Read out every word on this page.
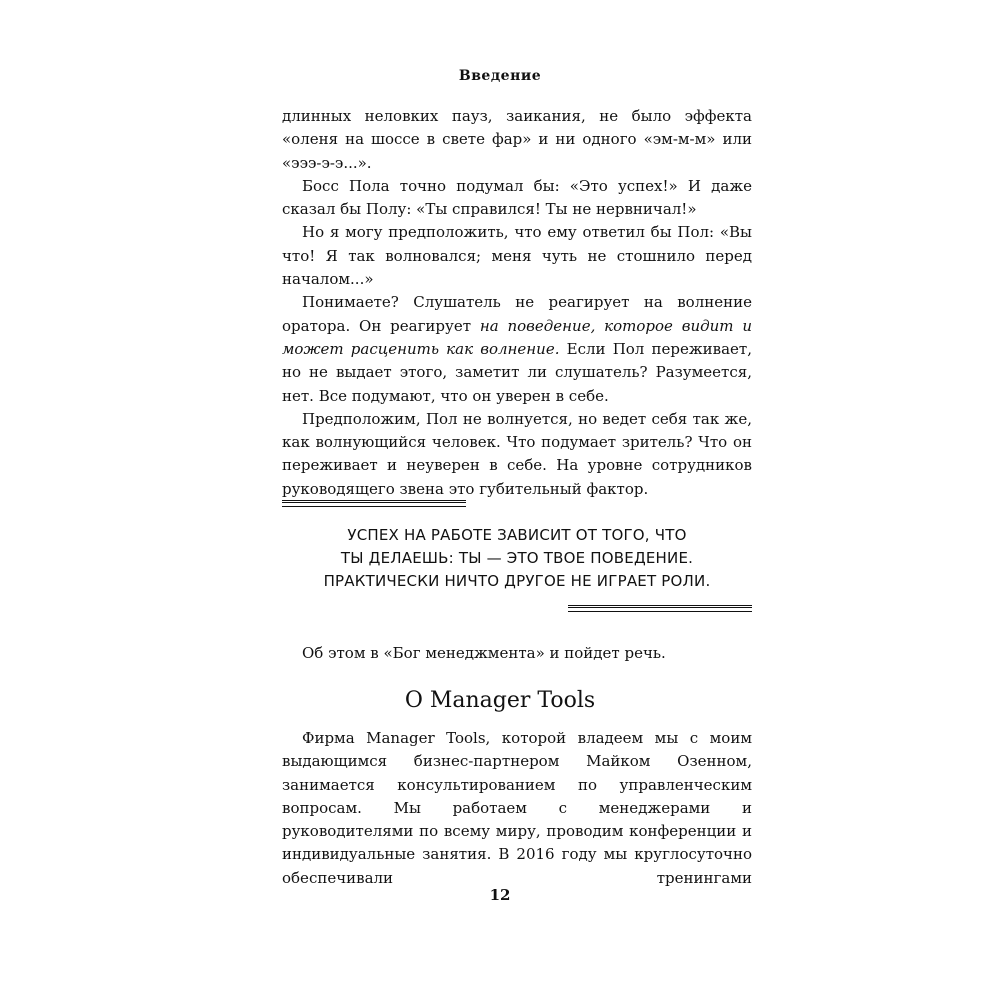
Введение

длинных неловких пауз, заикания, не было эффекта «оленя на шоссе в свете фар» и ни одного «эм-м-м» или «эээ-э-э...».

Босс Пола точно подумал бы: «Это успех!» И даже сказал бы Полу: «Ты справился! Ты не нервничал!»

Но я могу предположить, что ему ответил бы Пол: «Вы что! Я так волновался; меня чуть не стошнило перед началом...»

Понимаете? Слушатель не реагирует на волнение оратора. Он реагирует на поведение, которое видит и может расценить как волнение. Если Пол переживает, но не выдает этого, заметит ли слушатель? Разумеется, нет. Все подумают, что он уверен в себе.

Предположим, Пол не волнуется, но ведет себя так же, как волнующийся человек. Что подумает зритель? Что он переживает и неуверен в себе. На уровне сотрудников руководящего звена это губительный фактор.

УСПЕХ НА РАБОТЕ ЗАВИСИТ ОТ ТОГО, ЧТО
ТЫ ДЕЛАЕШЬ: ТЫ — ЭТО ТВОЕ ПОВЕДЕНИЕ.
ПРАКТИЧЕСКИ НИЧТО ДРУГОЕ НЕ ИГРАЕТ РОЛИ.

Об этом в «Бог менеджмента» и пойдет речь.

О Manager Tools

Фирма Manager Tools, которой владеем мы с моим выдающимся бизнес-партнером Майком Озенном, занимается консультированием по управленческим вопросам. Мы работаем с менеджерами и руководителями по всему миру, проводим конференции и индивидуальные занятия. В 2016 году мы круглосуточно обеспечивали тренингами

12
